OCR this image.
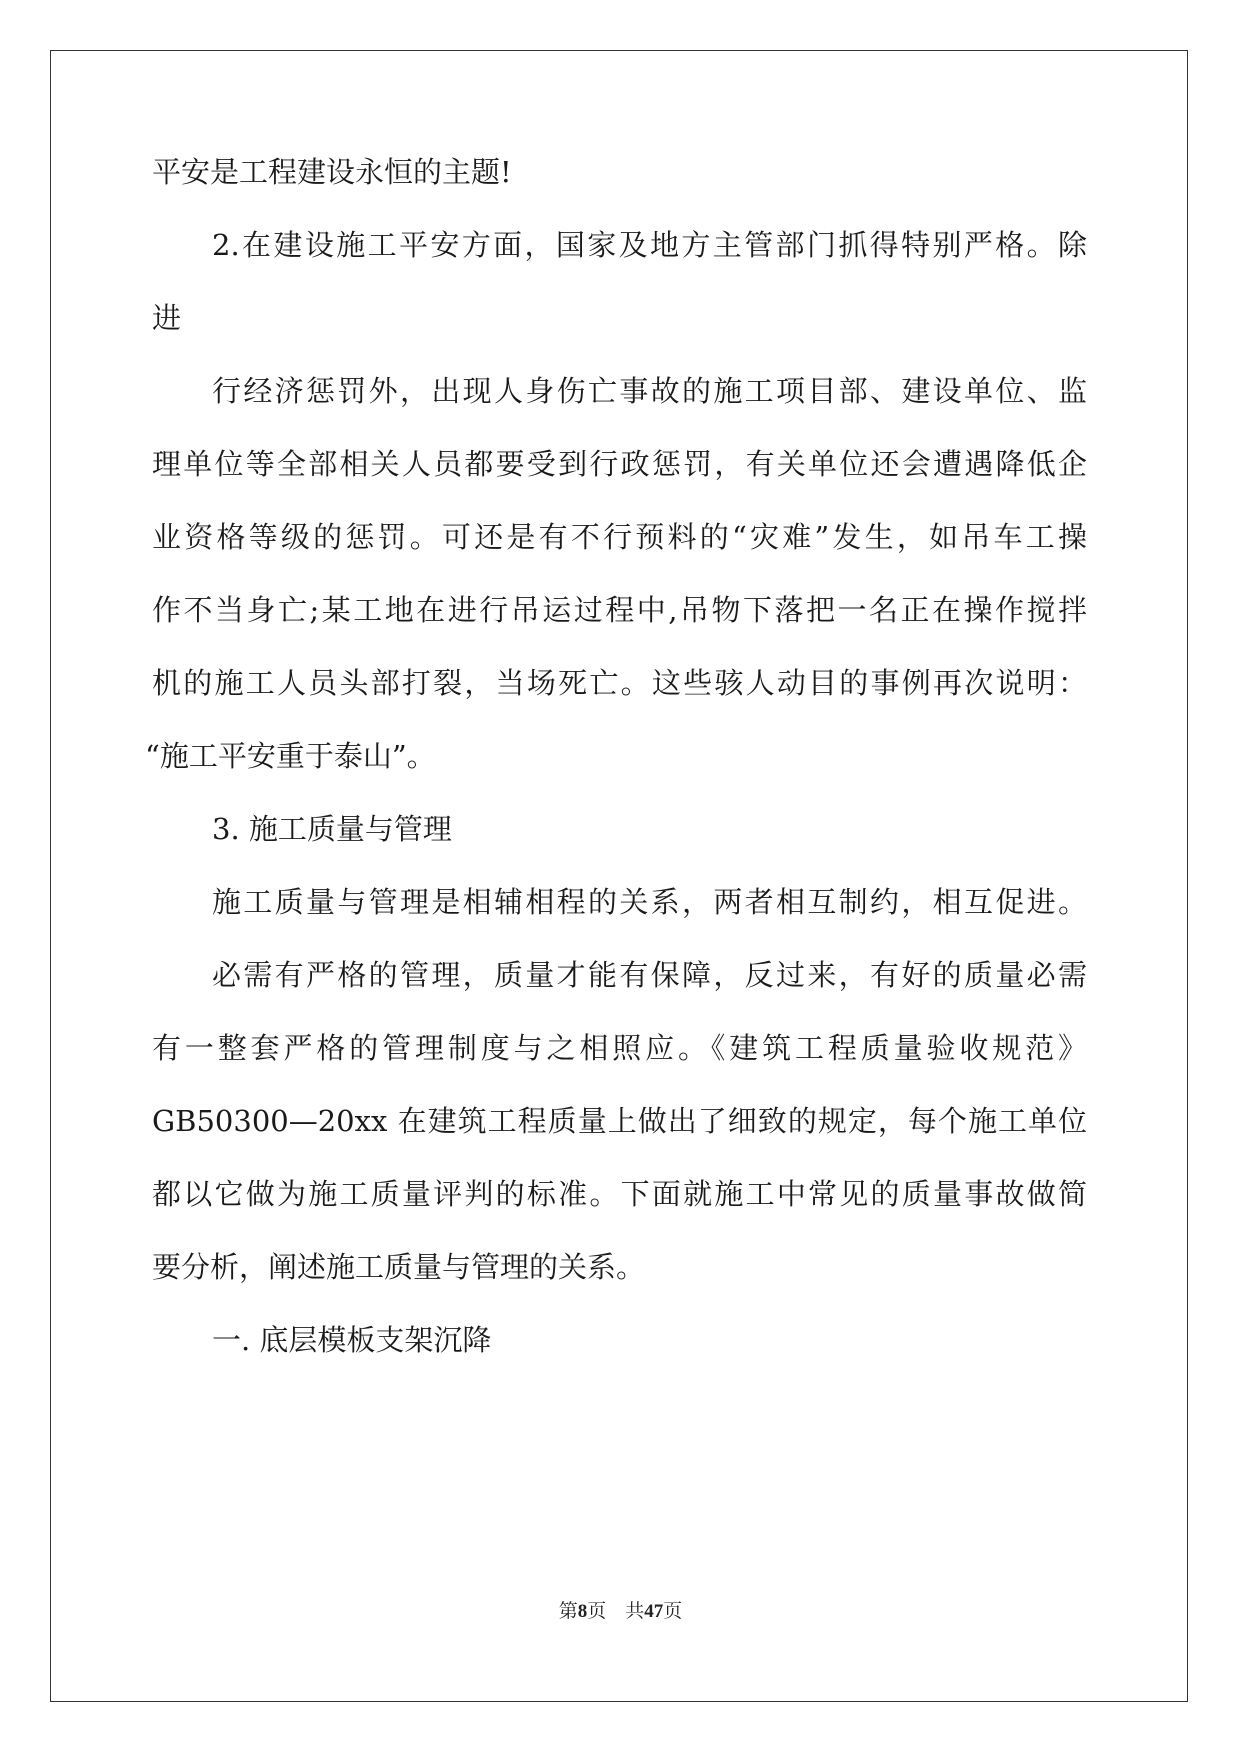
平安是工程建设永恒的主题!
2.在建设施工平安方面，国家及地方主管部门抓得特别严格。除
进
行经济惩罚外，出现人身伤亡事故的施工项目部、建设单位、监
理单位等全部相关人员都要受到行政惩罚，有关单位还会遭遇降低企
业资格等级的惩罚。可还是有不行预料的“灾难”发生，如吊车工操
作不当身亡;某工地在进行吊运过程中,吊物下落把一名正在操作搅拌
机的施工人员头部打裂，当场死亡。这些骇人动目的事例再次说明：
“施工平安重于泰山”。
3. 施工质量与管理
施工质量与管理是相辅相程的关系，两者相互制约，相互促进。
必需有严格的管理，质量才能有保障，反过来，有好的质量必需
有一整套严格的管理制度与之相照应。《建筑工程质量验收规范》
GB50300—20xx 在建筑工程质量上做出了细致的规定，每个施工单位
都以它做为施工质量评判的标准。下面就施工中常见的质量事故做简
要分析，阐述施工质量与管理的关系。
一. 底层模板支架沉降
第8页　共47页
